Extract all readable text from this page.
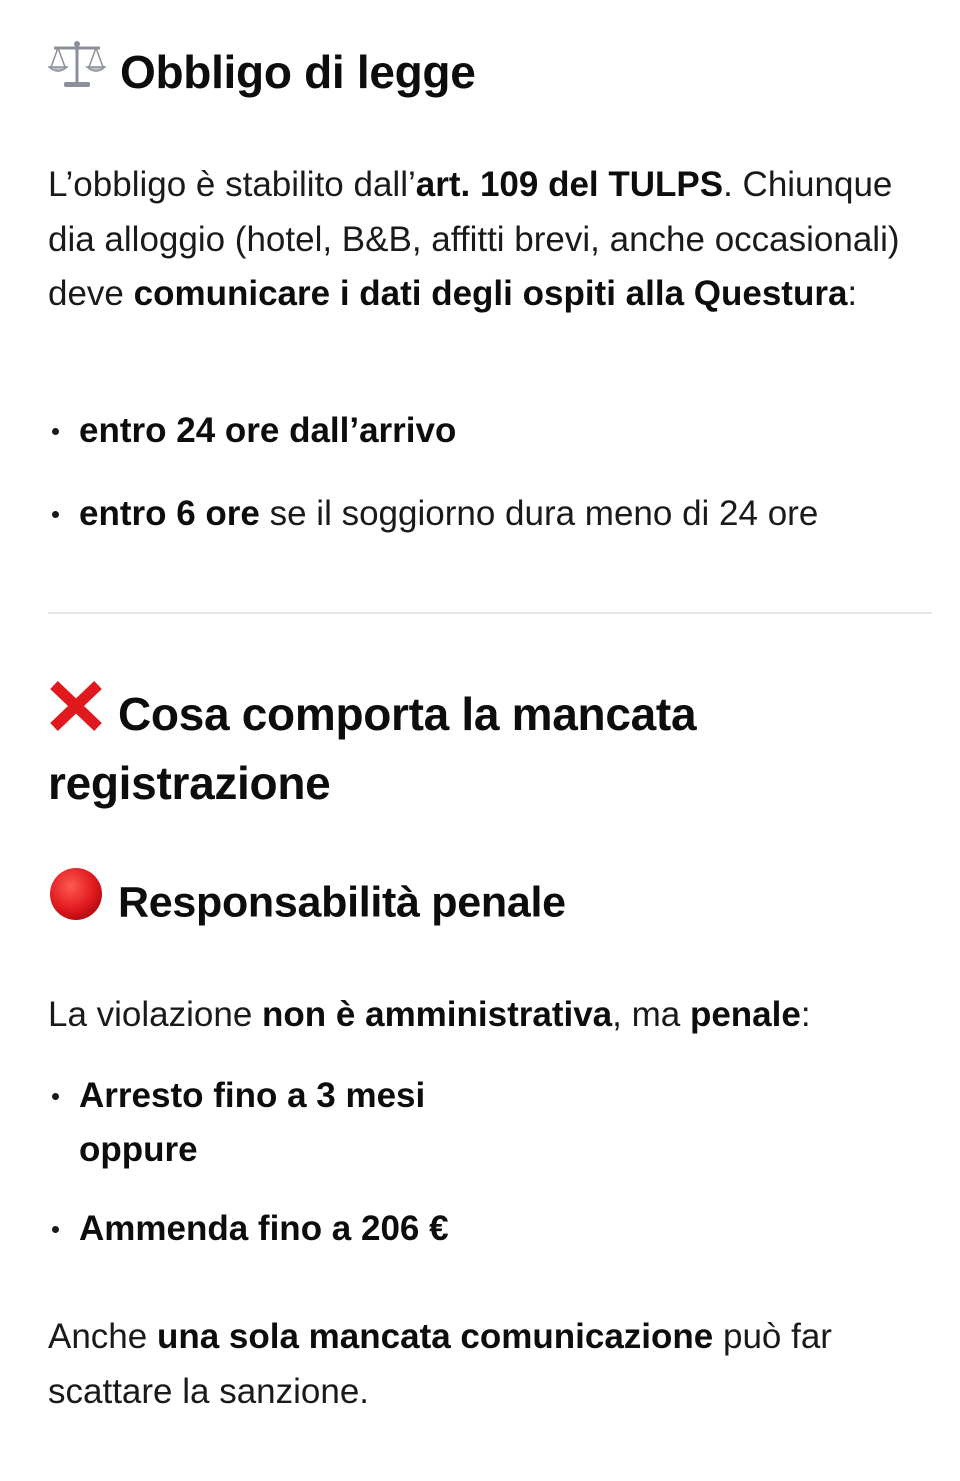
Obbligo di legge
L’obbligo è stabilito dall’art. 109 del TULPS. Chiunque dia alloggio (hotel, B&B, affitti brevi, anche occasionali) deve comunicare i dati degli ospiti alla Questura:
entro 24 ore dall’arrivo
entro 6 ore se il soggiorno dura meno di 24 ore
Cosa comporta la mancata
registrazione
Responsabilità penale
La violazione non è amministrativa, ma penale:
Arresto fino a 3 mesi
oppure
Ammenda fino a 206 €
Anche una sola mancata comunicazione può far scattare la sanzione.
